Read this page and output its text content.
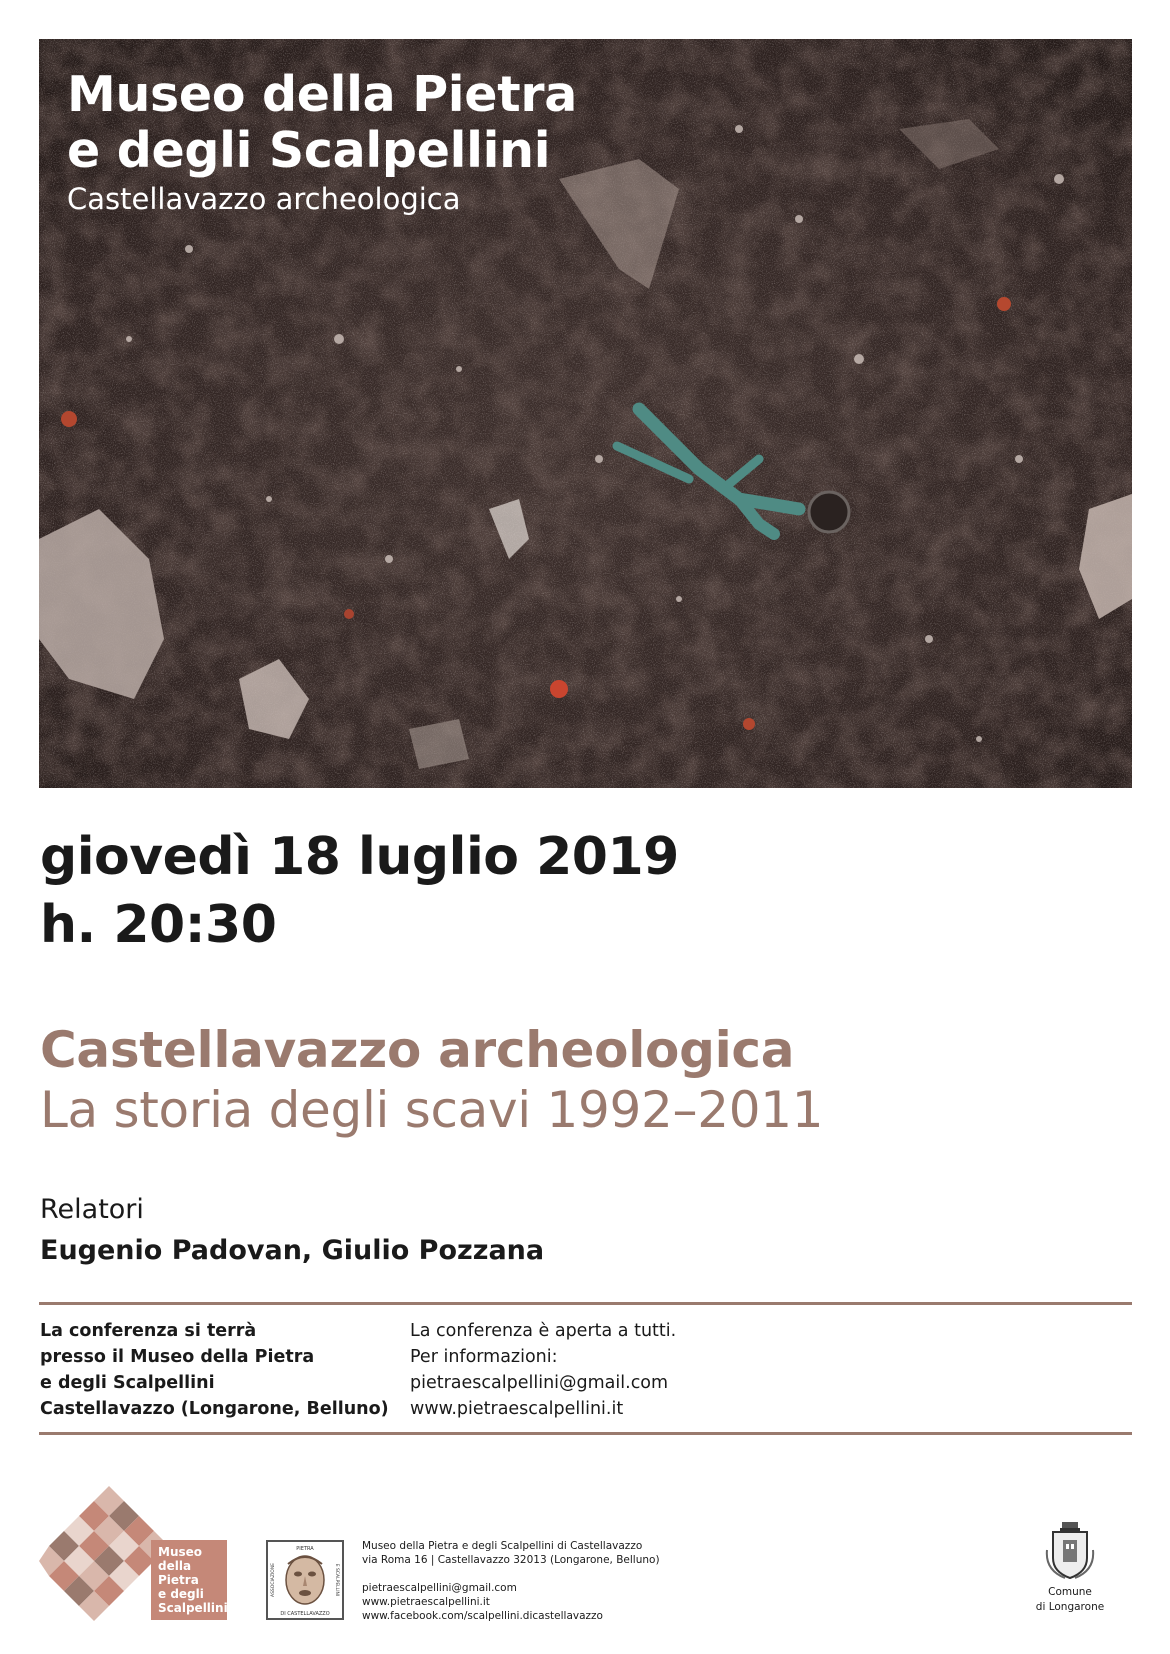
Museo della Pietra
e degli Scalpellini
Castellavazzo archeologica
giovedì 18 luglio 2019
h. 20:30
Castellavazzo archeologica
La storia degli scavi 1992–2011
Relatori
Eugenio Padovan, Giulio Pozzana
La conferenza si terrà
presso il Museo della Pietra
e degli Scalpellini
Castellavazzo (Longarone, Belluno)
La conferenza è aperta a tutti.
Per informazioni:
pietraescalpellini@gmail.com
www.pietraescalpellini.it
Museo
della
Pietra
e degli
Scalpellini
PIETRA
DI CASTELLAVAZZO
ASSOCIAZIONE	E SCALPELLINI
Museo della Pietra e degli Scalpellini di Castellavazzo
via Roma 16 | Castellavazzo 32013 (Longarone, Belluno)
pietraescalpellini@gmail.com
www.pietraescalpellini.it
www.facebook.com/scalpellini.dicastellavazzo
Comune
di Longarone
